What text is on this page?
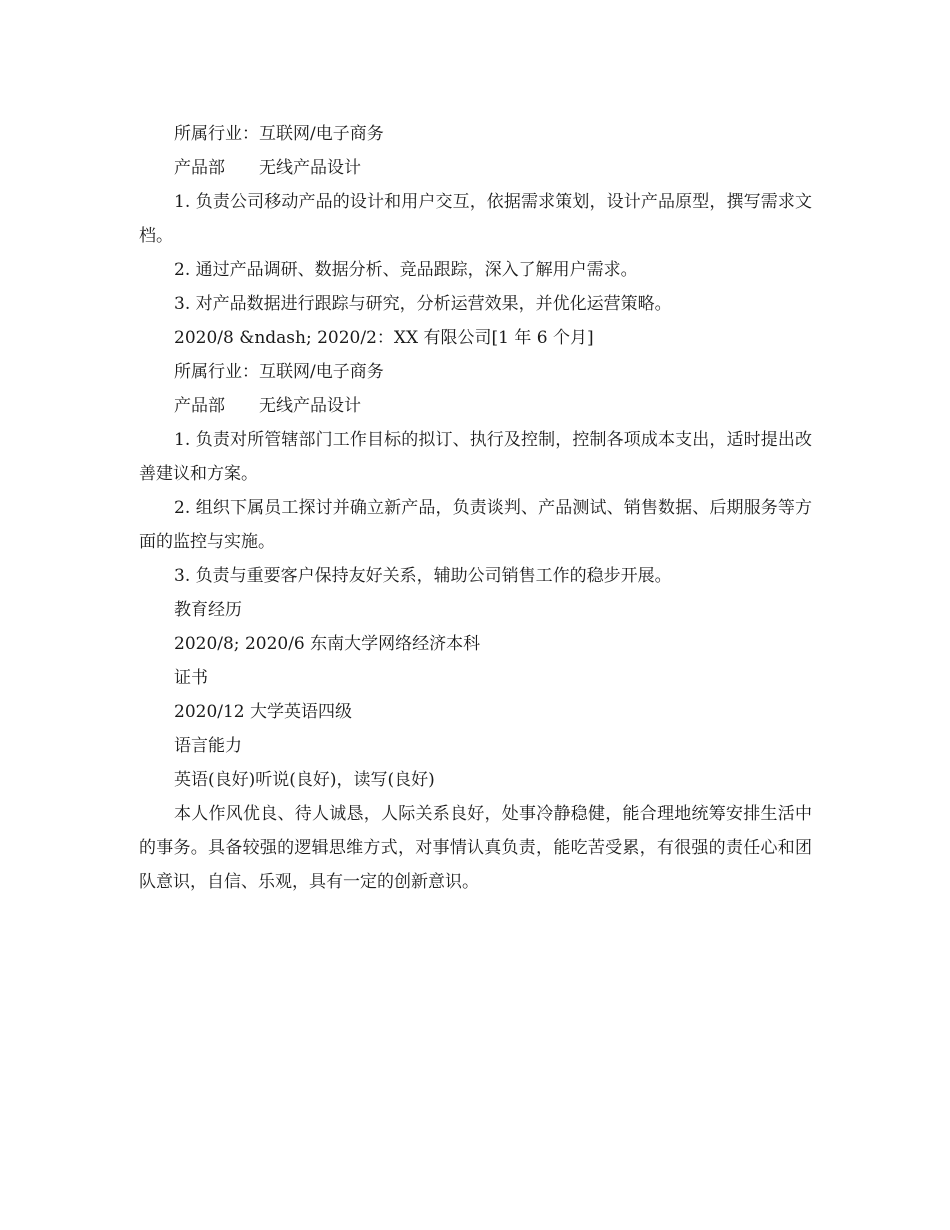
所属行业：互联网/电子商务

产品部　　无线产品设计

1. 负责公司移动产品的设计和用户交互，依据需求策划，设计产品原型，撰写需求文档。

2. 通过产品调研、数据分析、竞品跟踪，深入了解用户需求。

3. 对产品数据进行跟踪与研究，分析运营效果，并优化运营策略。

2020/8 &ndash; 2020/2：XX 有限公司[1 年 6 个月]

所属行业：互联网/电子商务

产品部　　无线产品设计

1. 负责对所管辖部门工作目标的拟订、执行及控制，控制各项成本支出，适时提出改善建议和方案。

2. 组织下属员工探讨并确立新产品，负责谈判、产品测试、销售数据、后期服务等方面的监控与实施。

3. 负责与重要客户保持友好关系，辅助公司销售工作的稳步开展。

教育经历

2020/8; 2020/6 东南大学网络经济本科

证书

2020/12 大学英语四级

语言能力

英语(良好)听说(良好)，读写(良好)

本人作风优良、待人诚恳，人际关系良好，处事冷静稳健，能合理地统筹安排生活中的事务。具备较强的逻辑思维方式，对事情认真负责，能吃苦受累，有很强的责任心和团队意识，自信、乐观，具有一定的创新意识。
